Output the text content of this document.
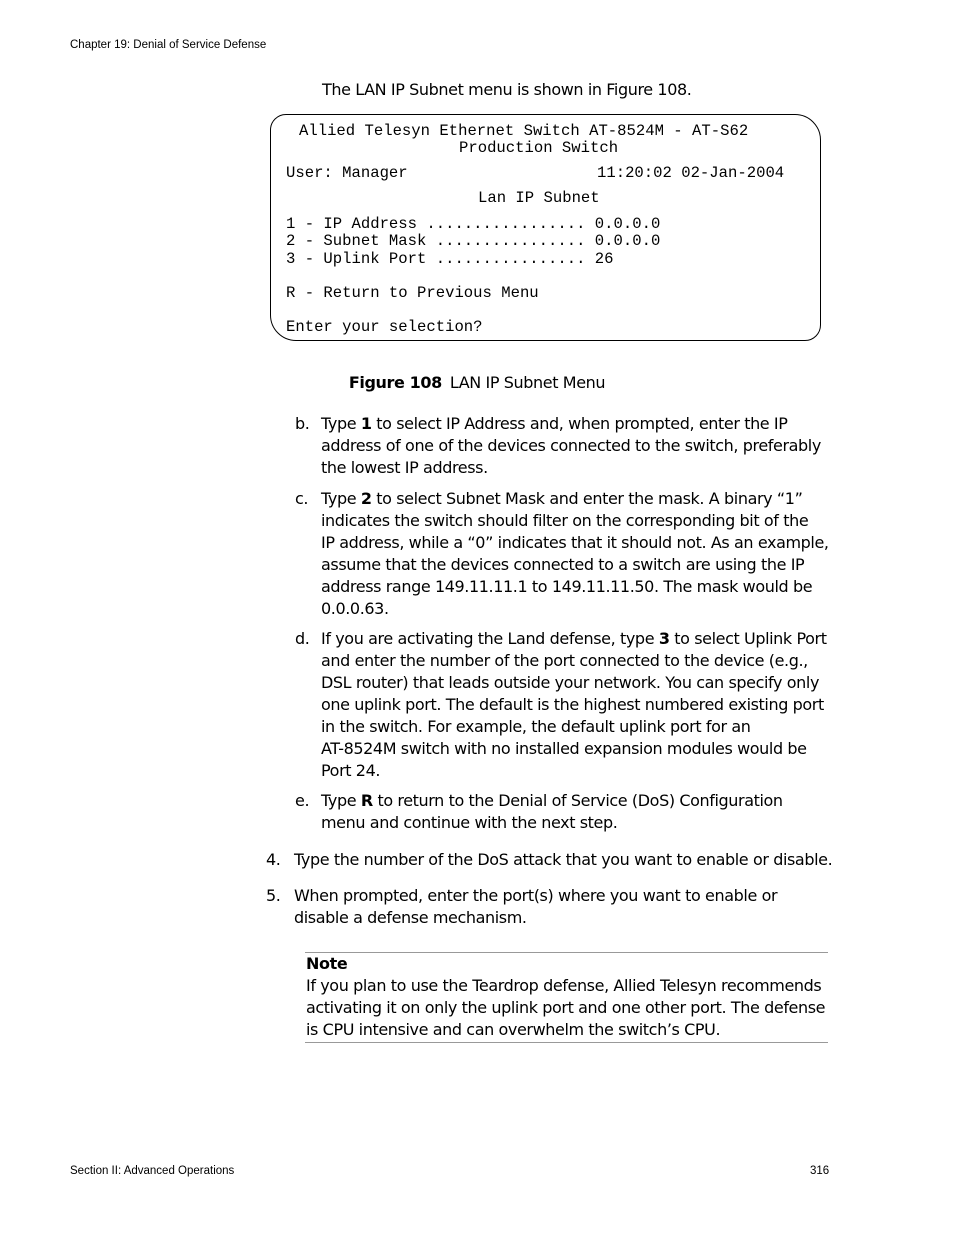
Chapter 19: Denial of Service Defense
The LAN IP Subnet menu is shown in Figure 108.
Allied Telesyn Ethernet Switch AT-8524M - AT-S62
Production Switch
User: Manager	11:20:02 02-Jan-2004
Lan IP Subnet
1 - IP Address ................. 0.0.0.0
2 - Subnet Mask ................ 0.0.0.0
3 - Uplink Port ................ 26
R - Return to Previous Menu
Enter your selection?
Figure 108 LAN IP Subnet Menu
b. Type 1 to select IP Address and, when prompted, enter the IP
address of one of the devices connected to the switch, preferably
the lowest IP address.
c. Type 2 to select Subnet Mask and enter the mask. A binary “1”
indicates the switch should filter on the corresponding bit of the
IP address, while a “0” indicates that it should not. As an example,
assume that the devices connected to a switch are using the IP
address range 149.11.11.1 to 149.11.11.50. The mask would be
0.0.0.63.
d. If you are activating the Land defense, type 3 to select Uplink Port
and enter the number of the port connected to the device (e.g.,
DSL router) that leads outside your network. You can specify only
one uplink port. The default is the highest numbered existing port
in the switch. For example, the default uplink port for an
AT-8524M switch with no installed expansion modules would be
Port 24.
e. Type R to return to the Denial of Service (DoS) Configuration
menu and continue with the next step.
4. Type the number of the DoS attack that you want to enable or disable.
5. When prompted, enter the port(s) where you want to enable or
disable a defense mechanism.
Note
If you plan to use the Teardrop defense, Allied Telesyn recommends
activating it on only the uplink port and one other port. The defense
is CPU intensive and can overwhelm the switch’s CPU.
Section II: Advanced Operations	316
